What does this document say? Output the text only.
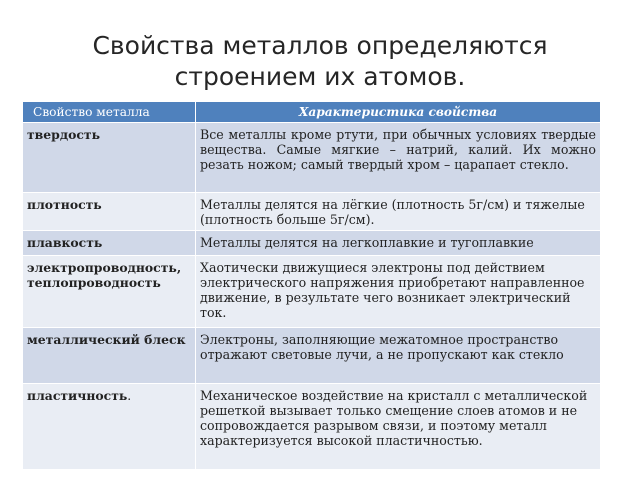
Свойства металлов определяются
строением их атомов.
Свойство металла	Характеристика свойства
твердость	Все металлы кроме ртути, при обычных условиях твердые вещества. Самые мягкие – натрий, калий. Их можно резать ножом; самый твердый хром – царапает стекло.
плотность	Металлы делятся на лёгкие (плотность 5г/см) и тяжелые (плотность больше 5г/см).
плавкость	Металлы делятся на легкоплавкие и тугоплавкие
электропроводность, теплопроводность	Хаотически движущиеся электроны под действием электрического напряжения приобретают направленное движение, в результате чего возникает электрический ток.
металлический блеск	Электроны, заполняющие межатомное пространство отражают световые лучи, а не пропускают как стекло
пластичность.	Механическое воздействие на кристалл с металлической решеткой вызывает только смещение слоев атомов и не сопровождается разрывом связи, и поэтому металл характеризуется высокой пластичностью.
